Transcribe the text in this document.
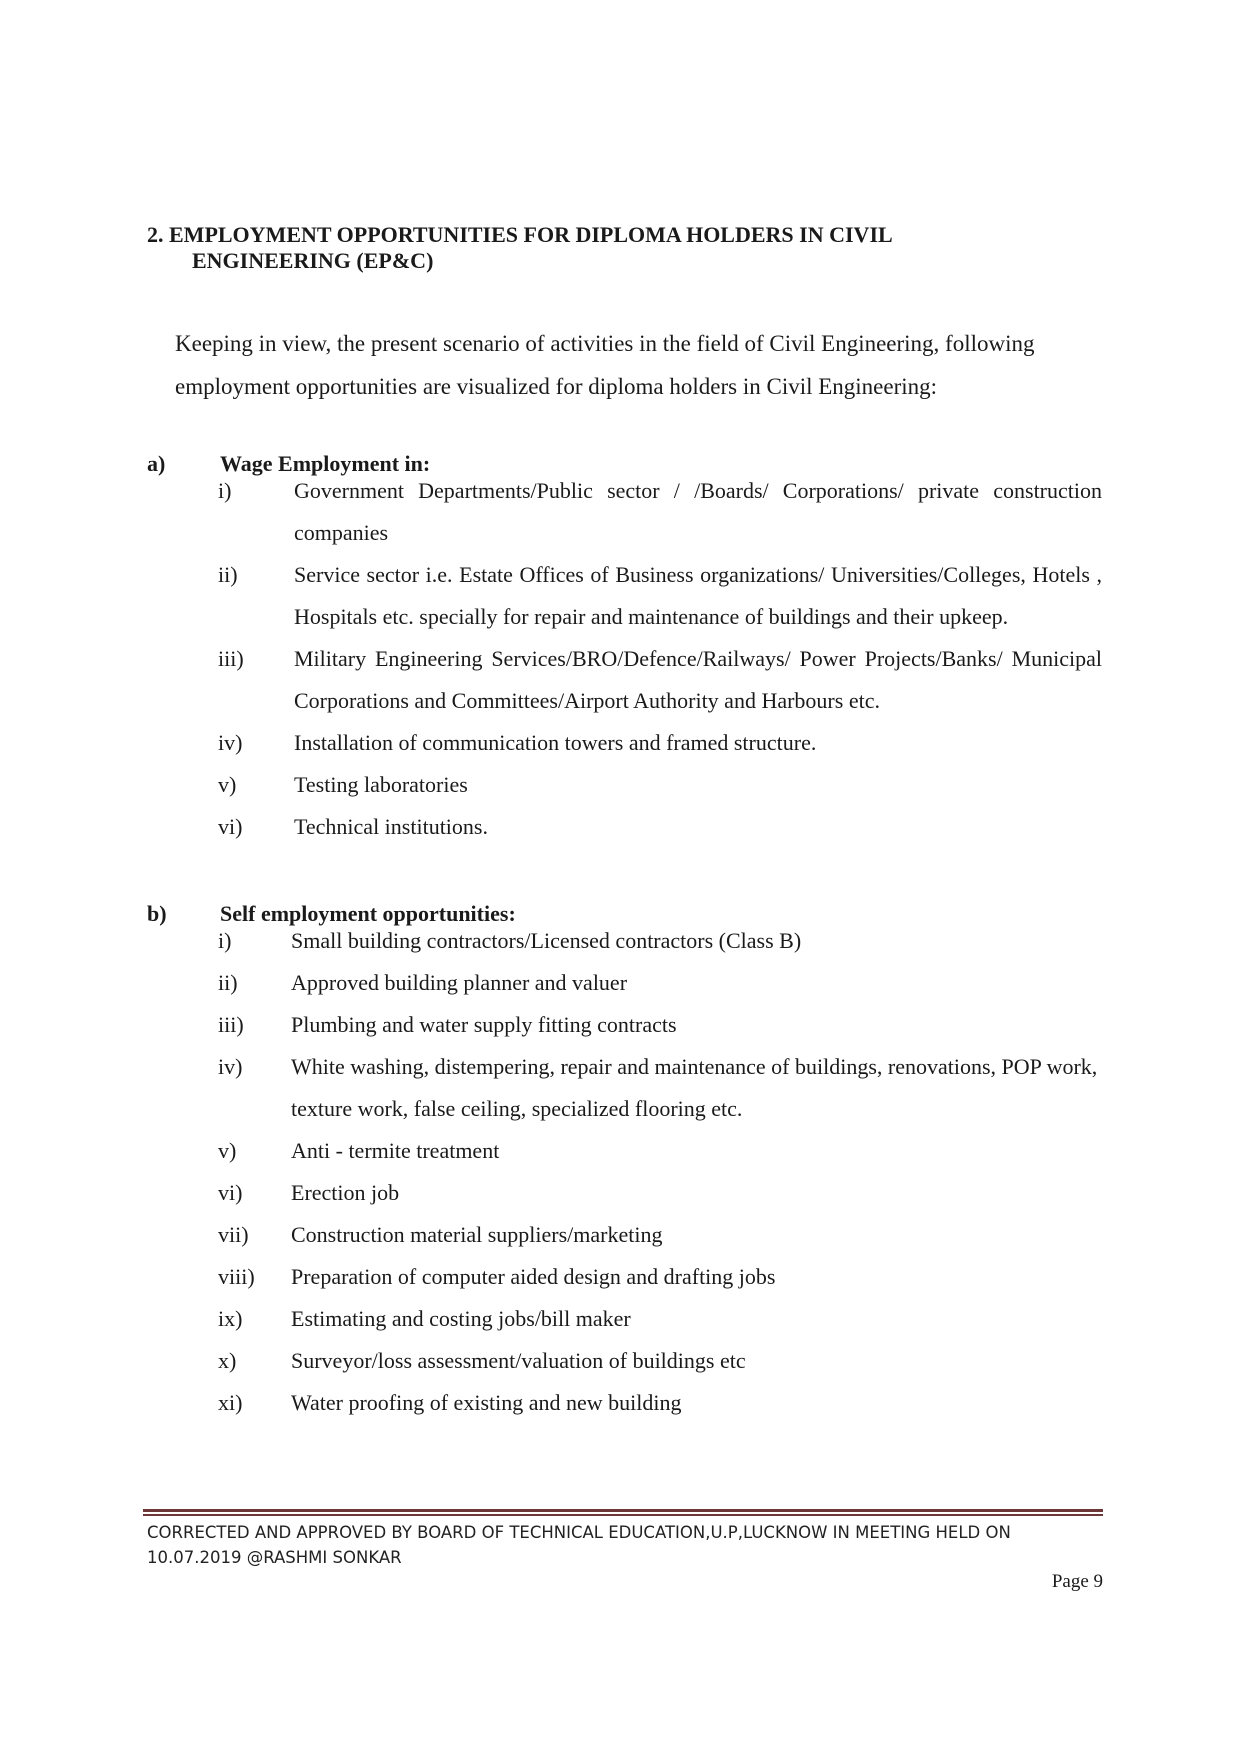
2. EMPLOYMENT OPPORTUNITIES FOR DIPLOMA HOLDERS IN CIVIL
ENGINEERING (EP&C)

Keeping in view, the present scenario of activities in the field of Civil Engineering, following employment opportunities are visualized for diploma holders in Civil Engineering:

a) Wage Employment in:
i)	Government Departments/Public sector / /Boards/ Corporations/ private construction companies
ii)	Service sector i.e. Estate Offices of Business organizations/ Universities/Colleges, Hotels , Hospitals etc. specially for repair and maintenance of buildings and their upkeep.
iii)	Military Engineering Services/BRO/Defence/Railways/ Power Projects/Banks/ Municipal Corporations and Committees/Airport Authority and Harbours etc.
iv)	Installation of communication towers and framed structure.
v)	Testing laboratories
vi)	Technical institutions.
b) Self employment opportunities:
i)	Small building contractors/Licensed contractors (Class B)
ii)	Approved building planner and valuer
iii)	Plumbing and water supply fitting contracts
iv)	White washing, distempering, repair and maintenance of buildings, renovations, POP work, texture work, false ceiling, specialized flooring etc.
v)	Anti - termite treatment
vi)	Erection job
vii)	Construction material suppliers/marketing
viii)	Preparation of computer aided design and drafting jobs
ix)	Estimating and costing jobs/bill maker
x)	Surveyor/loss assessment/valuation of buildings etc
xi)	Water proofing of existing and new building
CORRECTED AND APPROVED BY BOARD OF TECHNICAL EDUCATION,U.P,LUCKNOW IN MEETING HELD ON
10.07.2019 @RASHMI SONKAR
Page 9
